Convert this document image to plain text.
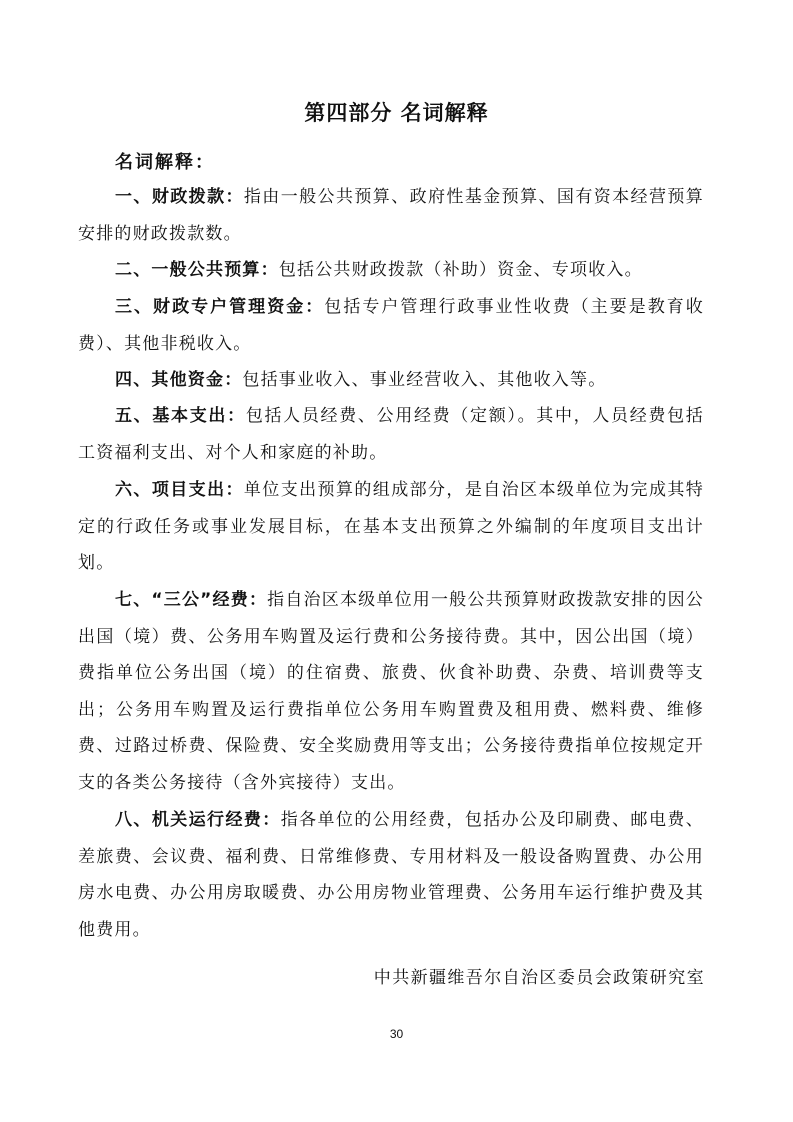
第四部分 名词解释
名词解释：

一、财政拨款：指由一般公共预算、政府性基金预算、国有资本经营预算安排的财政拨款数。

二、一般公共预算：包括公共财政拨款（补助）资金、专项收入。

三、财政专户管理资金：包括专户管理行政事业性收费（主要是教育收费）、其他非税收入。

四、其他资金：包括事业收入、事业经营收入、其他收入等。

五、基本支出：包括人员经费、公用经费（定额）。其中，人员经费包括工资福利支出、对个人和家庭的补助。

六、项目支出：单位支出预算的组成部分，是自治区本级单位为完成其特定的行政任务或事业发展目标，在基本支出预算之外编制的年度项目支出计划。

七、“三公”经费：指自治区本级单位用一般公共预算财政拨款安排的因公出国（境）费、公务用车购置及运行费和公务接待费。其中，因公出国（境）费指单位公务出国（境）的住宿费、旅费、伙食补助费、杂费、培训费等支出；公务用车购置及运行费指单位公务用车购置费及租用费、燃料费、维修费、过路过桥费、保险费、安全奖励费用等支出；公务接待费指单位按规定开支的各类公务接待（含外宾接待）支出。

八、机关运行经费：指各单位的公用经费，包括办公及印刷费、邮电费、差旅费、会议费、福利费、日常维修费、专用材料及一般设备购置费、办公用房水电费、办公用房取暖费、办公用房物业管理费、公务用车运行维护费及其他费用。

中共新疆维吾尔自治区委员会政策研究室
30
